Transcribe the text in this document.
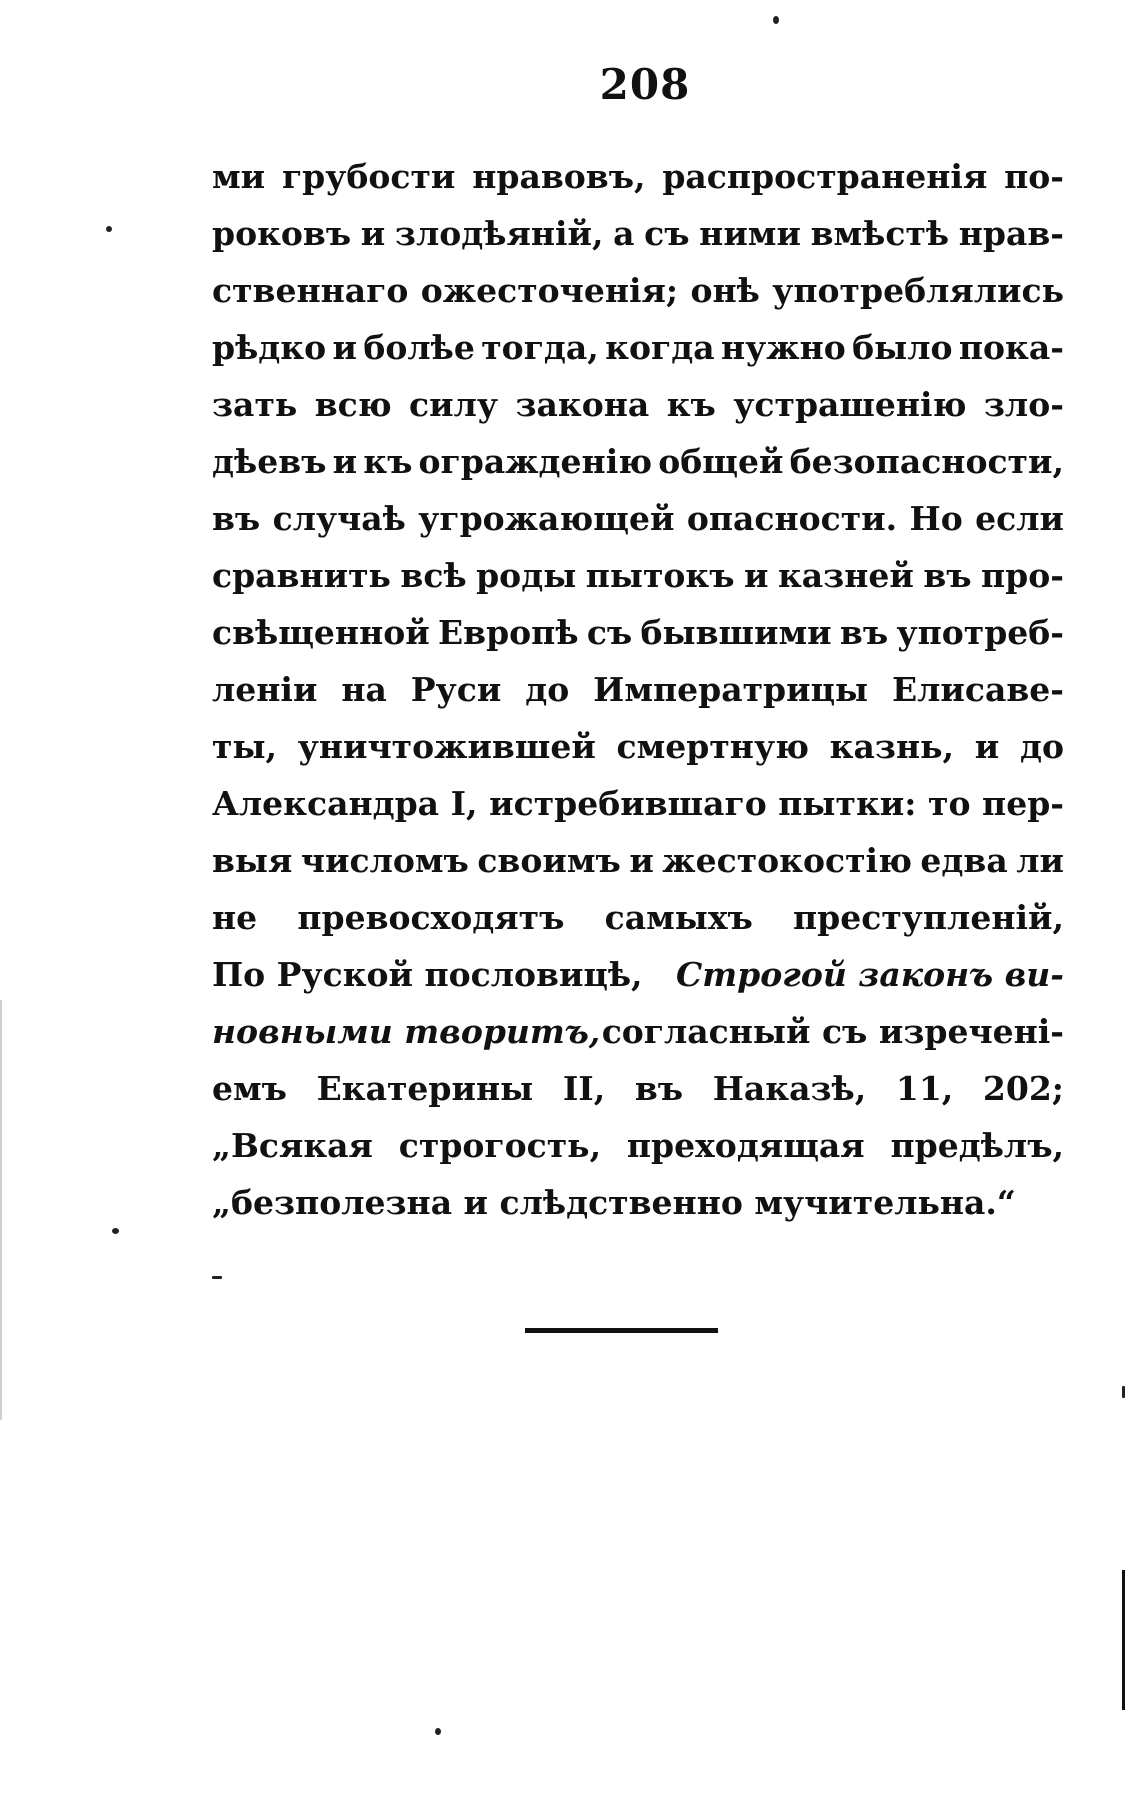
208
ми грубости нравовъ, распространенія по-
роковъ и злодѣяній, а съ ними вмѣстѣ нрав-
ственнаго ожесточенія; онѣ употреблялись
рѣдко и болѣе тогда, когда нужно было пока-
зать всю силу закона къ устрашенію зло-
дѣевъ и къ огражденію общей безопасности,
въ случаѣ угрожающей опасности. Но если
сравнить всѣ роды пытокъ и казней въ про-
свѣщенной Европѣ съ бывшими въ употреб-
леніи на Руси до Императрицы Елисаве-
ты, уничтожившей смертную казнь, и до
Александра I, истребившаго пытки: то пер-
выя числомъ своимъ и жестокостію едва ли
не превосходятъ самыхъ преступленій,
По Руской пословицѣ, Строгой законъ ви-
новными творитъ, согласный съ изреченi-
емъ Екатерины II, въ Наказѣ, 11, 202;
„Всякая строгость, преходящая предѣлъ,
„безполезна и слѣдственно мучительна.“
